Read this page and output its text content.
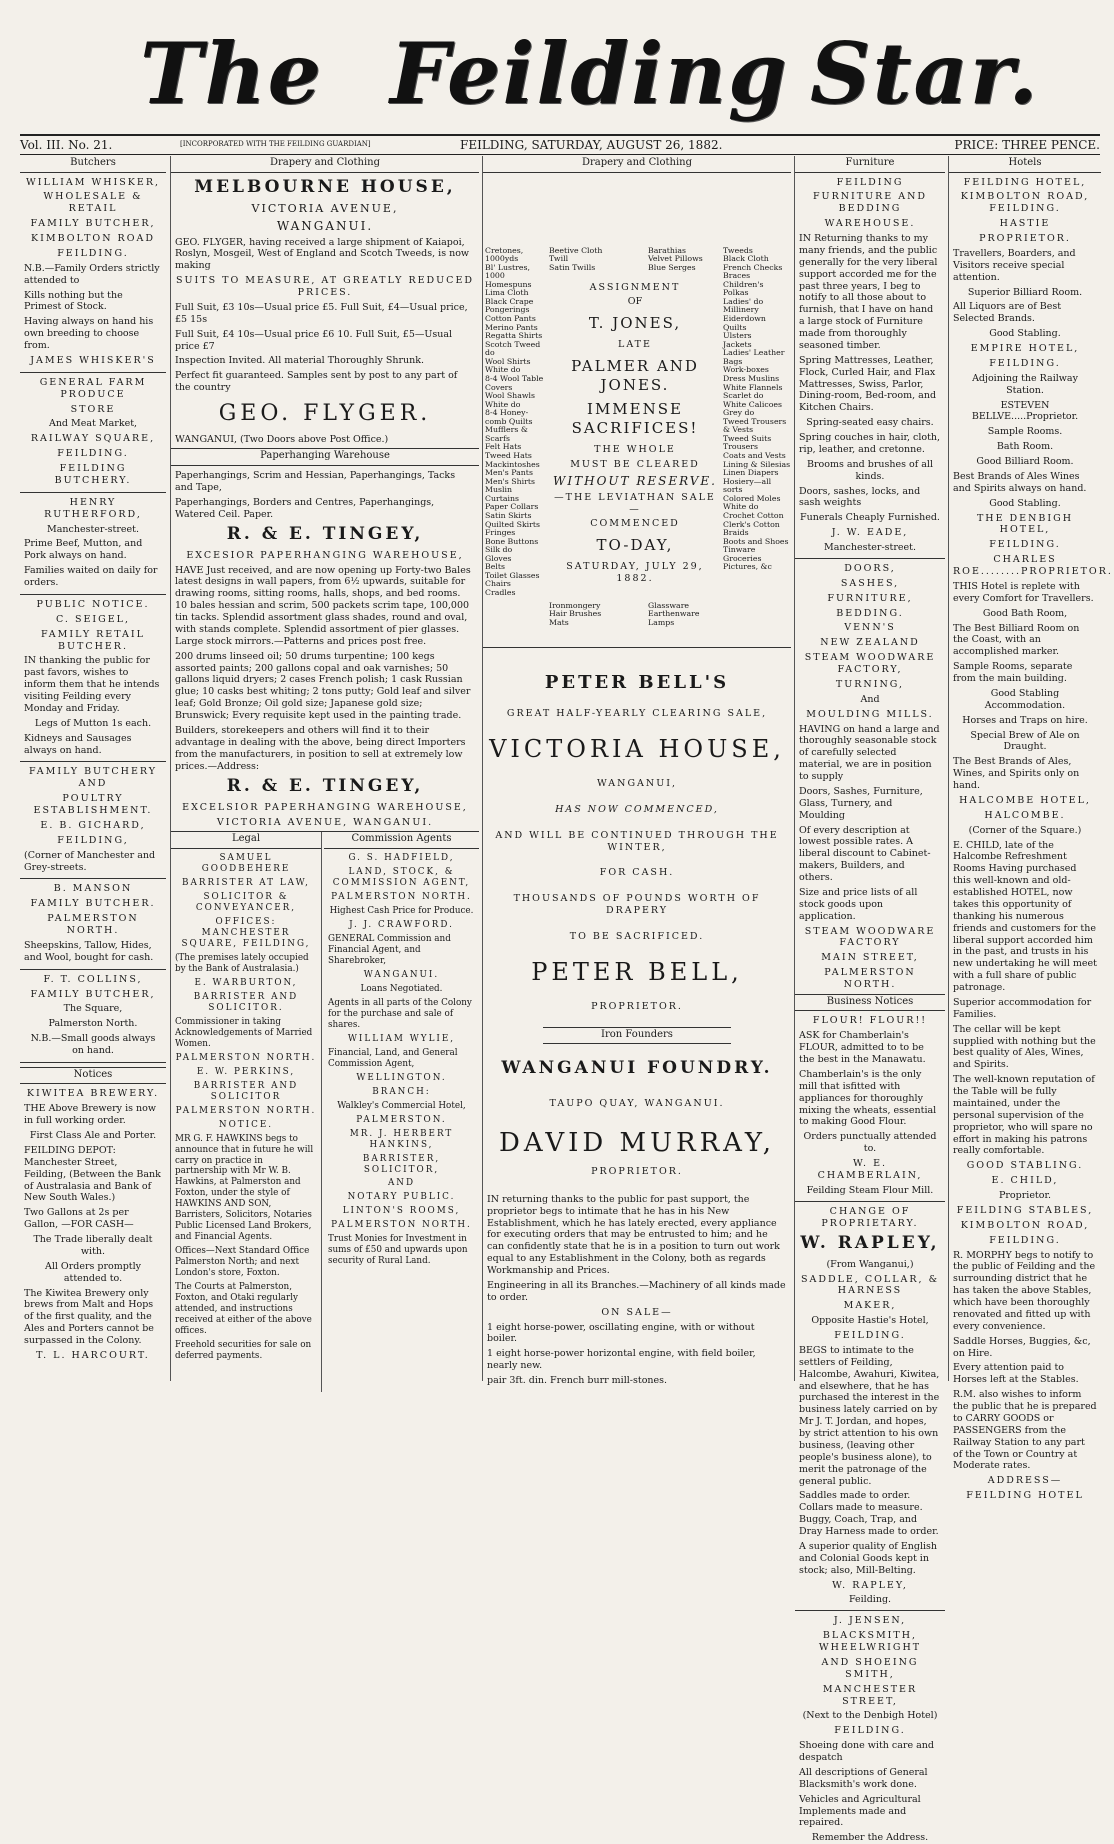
The Feilding Star.
Vol. III. No. 21.	[INCORPORATED WITH THE FEILDING GUARDIAN]	FEILDING, SATURDAY, AUGUST 26, 1882.	PRICE: THREE PENCE.
Butchers

WILLIAM WHISKER,

WHOLESALE & RETAIL

FAMILY BUTCHER,

KIMBOLTON ROAD

FEILDING.

N.B.—Family Orders strictly attended to

Kills nothing but the Primest of Stock.

Having always on hand his own breeding to choose from.

JAMES WHISKER'S

GENERAL FARM PRODUCE

STORE

And Meat Market,

RAILWAY SQUARE,

FEILDING.

FEILDING BUTCHERY.

HENRY RUTHERFORD,

Manchester-street.

Prime Beef, Mutton, and Pork always on hand.

Families waited on daily for orders.

PUBLIC NOTICE.

C. SEIGEL,

FAMILY RETAIL BUTCHER.

IN thanking the public for past favors, wishes to inform them that he intends visiting Feilding every Monday and Friday.

Legs of Mutton 1s each.

Kidneys and Sausages always on hand.

FAMILY BUTCHERY AND

POULTRY ESTABLISHMENT.

E. B. GICHARD,

FEILDING,

(Corner of Manchester and Grey-streets.

B. MANSON

FAMILY BUTCHER.

PALMERSTON NORTH.

Sheepskins, Tallow, Hides, and Wool, bought for cash.

F. T. COLLINS,

FAMILY BUTCHER,

The Square,

Palmerston North.

N.B.—Small goods always on hand.

Notices

KIWITEA BREWERY.

THE Above Brewery is now in full working order.

First Class Ale and Porter.

FEILDING DEPOT: Manchester Street, Feilding, (Between the Bank of Australasia and Bank of New South Wales.)

Two Gallons at 2s per Gallon, —FOR CASH—

The Trade liberally dealt with.

All Orders promptly attended to.

The Kiwitea Brewery only brews from Malt and Hops of the first quality, and the Ales and Porters cannot be surpassed in the Colony.

T. L. HARCOURT.

Drapery and Clothing

MELBOURNE HOUSE,

VICTORIA AVENUE,

WANGANUI.

GEO. FLYGER, having received a large shipment of Kaiapoi, Roslyn, Mosgeil, West of England and Scotch Tweeds, is now making

SUITS TO MEASURE, AT GREATLY REDUCED PRICES.

Full Suit, £3 10s—Usual price £5. Full Suit, £4—Usual price, £5 15s

Full Suit, £4 10s—Usual price £6 10. Full Suit, £5—Usual price £7

Inspection Invited. All material Thoroughly Shrunk.

Perfect fit guaranteed. Samples sent by post to any part of the country

GEO. FLYGER.

WANGANUI, (Two Doors above Post Office.)

Paperhanging Warehouse

Paperhangings, Scrim and Hessian, Paperhangings, Tacks and Tape,

Paperhangings, Borders and Centres, Paperhangings, Watered Ceil. Paper.

R. & E. TINGEY,

EXCESIOR PAPERHANGING WAREHOUSE,

HAVE Just received, and are now opening up Forty-two Bales latest designs in wall papers, from 6½ upwards, suitable for drawing rooms, sitting rooms, halls, shops, and bed rooms. 10 bales hessian and scrim, 500 packets scrim tape, 100,000 tin tacks. Splendid assortment glass shades, round and oval, with stands complete. Splendid assortment of pier glasses. Large stock mirrors.—Patterns and prices post free.

200 drums linseed oil; 50 drums turpentine; 100 kegs assorted paints; 200 gallons copal and oak varnishes; 50 gallons liquid dryers; 2 cases French polish; 1 cask Russian glue; 10 casks best whiting; 2 tons putty; Gold leaf and silver leaf; Gold Bronze; Oil gold size; Japanese gold size; Brunswick; Every requisite kept used in the painting trade.

Builders, storekeepers and others will find it to their advantage in dealing with the above, being direct Importers from the manufacturers, in position to sell at extremely low prices.—Address:

R. & E. TINGEY,

EXCELSIOR PAPERHANGING WAREHOUSE,

VICTORIA AVENUE, WANGANUI.

Legal

SAMUEL GOODBEHERE

BARRISTER AT LAW,

SOLICITOR & CONVEYANCER,

OFFICES: MANCHESTER SQUARE, FEILDING,

(The premises lately occupied by the Bank of Australasia.)

E. WARBURTON,

BARRISTER AND SOLICITOR.

Commissioner in taking Acknowledgements of Married Women.

PALMERSTON NORTH.

E. W. PERKINS,

BARRISTER AND SOLICITOR

PALMERSTON NORTH.

NOTICE.

MR G. F. HAWKINS begs to announce that in future he will carry on practice in partnership with Mr W. B. Hawkins, at Palmerston and Foxton, under the style of HAWKINS AND SON, Barristers, Solicitors, Notaries Public Licensed Land Brokers, and Financial Agents.

Offices—Next Standard Office Palmerston North; and next London's store, Foxton.

The Courts at Palmerston, Foxton, and Otaki regularly attended, and instructions received at either of the above offices.

Freehold securities for sale on deferred payments.

Commission Agents

G. S. HADFIELD,

LAND, STOCK, & COMMISSION AGENT,

PALMERSTON NORTH.

Highest Cash Price for Produce.

J. J. CRAWFORD.

GENERAL Commission and Financial Agent, and Sharebroker,

WANGANUI.

Loans Negotiated.

Agents in all parts of the Colony for the purchase and sale of shares.

WILLIAM WYLIE,

Financial, Land, and General Commission Agent,

WELLINGTON.

BRANCH:

Walkley's Commercial Hotel,

PALMERSTON.

MR. J. HERBERT HANKINS,

BARRISTER, SOLICITOR,

AND

NOTARY PUBLIC.

LINTON'S ROOMS,

PALMERSTON NORTH.

Trust Monies for Investment in sums of £50 and upwards upon security of Rural Land.

Drapery and Clothing

Cretones, 1000yds

Bl' Lustres, 1000

Homespuns

Lima Cloth

Black Crape

Pongerings

Cotton Pants

Merino Pants

Regatta Shirts

Scotch Tweed do

Wool Shirts

White do

8-4 Wool Table Covers

Wool Shawls

White do

8-4 Honey-comb Quilts

Mufflers & Scarfs

Felt Hats

Tweed Hats

Mackintoshes

Men's Pants

Men's Shirts

Muslin Curtains

Paper Collars

Satin Skirts

Quilted Skirts

Fringes

Bone Buttons

Silk do

Gloves

Belts

Toilet Glasses

Chairs

Cradles

Beetive Cloth

Twill

Satin Twills

Barathias

Velvet Pillows

Blue Serges

Tweeds

Black Cloth

French Checks

Braces

Children's Polkas

Ladies' do

Millinery

Eiderdown Quilts

Ulsters

Jackets

Ladies' Leather Bags

Work-boxes

Dress Muslins

White Flannels

Scarlet do

White Calicoes

Grey do

Tweed Trousers & Vests

Tweed Suits

Trousers

Coats and Vests

Lining & Silesias

Linen Diapers

Hosiery—all sorts

Colored Moles

White do

Crochet Cotton

Clerk's Cotton

Braids

Boots and Shoes

Tinware

Groceries

Pictures, &c

ASSIGNMENT

OF

T. JONES,

LATE

PALMER AND JONES.

IMMENSE SACRIFICES!

THE WHOLE

MUST BE CLEARED

WITHOUT RESERVE.

—THE LEVIATHAN SALE—

COMMENCED

TO-DAY,

SATURDAY, JULY 29, 1882.

Ironmongery

Hair Brushes

Mats

Glassware

Earthenware

Lamps

PETER BELL'S

GREAT HALF-YEARLY CLEARING SALE,

VICTORIA HOUSE,

WANGANUI,

HAS NOW COMMENCED,

AND WILL BE CONTINUED THROUGH THE WINTER,

FOR CASH.

THOUSANDS OF POUNDS WORTH OF DRAPERY

TO BE SACRIFICED.

PETER BELL,

PROPRIETOR.

Iron Founders

WANGANUI FOUNDRY.

TAUPO QUAY, WANGANUI.

DAVID MURRAY,

PROPRIETOR.

IN returning thanks to the public for past support, the proprietor begs to intimate that he has in his New Establishment, which he has lately erected, every appliance for executing orders that may be entrusted to him; and he can confidently state that he is in a position to turn out work equal to any Establishment in the Colony, both as regards Workmanship and Prices.

Engineering in all its Branches.—Machinery of all kinds made to order.

ON SALE—

1 eight horse-power, oscillating engine, with or without boiler.

1 eight horse-power horizontal engine, with field boiler, nearly new.

pair 3ft. din. French burr mill-stones.

Furniture

FEILDING

FURNITURE AND BEDDING

WAREHOUSE.

IN Returning thanks to my many friends, and the public generally for the very liberal support accorded me for the past three years, I beg to notify to all those about to furnish, that I have on hand a large stock of Furniture made from thoroughly seasoned timber.

Spring Mattresses, Leather, Flock, Curled Hair, and Flax Mattresses, Swiss, Parlor, Dining-room, Bed-room, and Kitchen Chairs.

Spring-seated easy chairs.

Spring couches in hair, cloth, rip, leather, and cretonne.

Brooms and brushes of all kinds.

Doors, sashes, locks, and sash weights

Funerals Cheaply Furnished.

J. W. EADE,

Manchester-street.

DOORS,

SASHES,

FURNITURE,

BEDDING.

VENN'S

NEW ZEALAND

STEAM WOODWARE FACTORY,

TURNING,

And

MOULDING MILLS.

HAVING on hand a large and thoroughly seasonable stock of carefully selected material, we are in position to supply

Doors, Sashes, Furniture, Glass, Turnery, and Moulding

Of every description at lowest possible rates. A liberal discount to Cabinet-makers, Builders, and others.

Size and price lists of all stock goods upon application.

STEAM WOODWARE FACTORY

MAIN STREET,

PALMERSTON NORTH.

Business Notices

FLOUR! FLOUR!!

ASK for Chamberlain's FLOUR, admitted to to be the best in the Manawatu.

Chamberlain's is the only mill that isfitted with appliances for thoroughly mixing the wheats, essential to making Good Flour.

Orders punctually attended to.

W. E. CHAMBERLAIN,

Feilding Steam Flour Mill.

CHANGE OF PROPRIETARY.

W. RAPLEY,

(From Wanganui,)

SADDLE, COLLAR, & HARNESS

MAKER,

Opposite Hastie's Hotel,

FEILDING.

BEGS to intimate to the settlers of Feilding, Halcombe, Awahuri, Kiwitea, and elsewhere, that he has purchased the interest in the business lately carried on by Mr J. T. Jordan, and hopes, by strict attention to his own business, (leaving other people's business alone), to merit the patronage of the general public.

Saddles made to order. Collars made to measure. Buggy, Coach, Trap, and Dray Harness made to order.

A superior quality of English and Colonial Goods kept in stock; also, Mill-Belting.

W. RAPLEY,

Feilding.

J. JENSEN,

BLACKSMITH, WHEELWRIGHT

AND SHOEING SMITH,

MANCHESTER STREET,

(Next to the Denbigh Hotel)

FEILDING.

Shoeing done with care and despatch

All descriptions of General Blacksmith's work done.

Vehicles and Agricultural Implements made and repaired.

Remember the Address.

Hotels

FEILDING HOTEL,

KIMBOLTON ROAD, FEILDING.

HASTIE

PROPRIETOR.

Travellers, Boarders, and Visitors receive special attention.

Superior Billiard Room.

All Liquors are of Best Selected Brands.

Good Stabling.

EMPIRE HOTEL,

FEILDING.

Adjoining the Railway Station.

ESTEVEN BELLVE.....Proprietor.

Sample Rooms.

Bath Room.

Good Billiard Room.

Best Brands of Ales Wines and Spirits always on hand.

Good Stabling.

THE DENBIGH HOTEL,

FEILDING.

CHARLES ROE........PROPRIETOR.

THIS Hotel is replete with every Comfort for Travellers.

Good Bath Room,

The Best Billiard Room on the Coast, with an accomplished marker.

Sample Rooms, separate from the main building.

Good Stabling Accommodation.

Horses and Traps on hire.

Special Brew of Ale on Draught.

The Best Brands of Ales, Wines, and Spirits only on hand.

HALCOMBE HOTEL,

HALCOMBE.

(Corner of the Square.)

E. CHILD, late of the Halcombe Refreshment Rooms Having purchased this well-known and old-established HOTEL, now takes this opportunity of thanking his numerous friends and customers for the liberal support accorded him in the past, and trusts in his new undertaking he will meet with a full share of public patronage.

Superior accommodation for Families.

The cellar will be kept supplied with nothing but the best quality of Ales, Wines, and Spirits.

The well-known reputation of the Table will be fully maintained, under the personal supervision of the proprietor, who will spare no effort in making his patrons really comfortable.

GOOD STABLING.

E. CHILD,

Proprietor.

FEILDING STABLES,

KIMBOLTON ROAD,

FEILDING.

R. MORPHY begs to notify to the public of Feilding and the surrounding district that he has taken the above Stables, which have been thoroughly renovated and fitted up with every convenience.

Saddle Horses, Buggies, &c, on Hire.

Every attention paid to Horses left at the Stables.

R.M. also wishes to inform the public that he is prepared to CARRY GOODS or PASSENGERS from the Railway Station to any part of the Town or Country at Moderate rates.

ADDRESS—

FEILDING HOTEL
